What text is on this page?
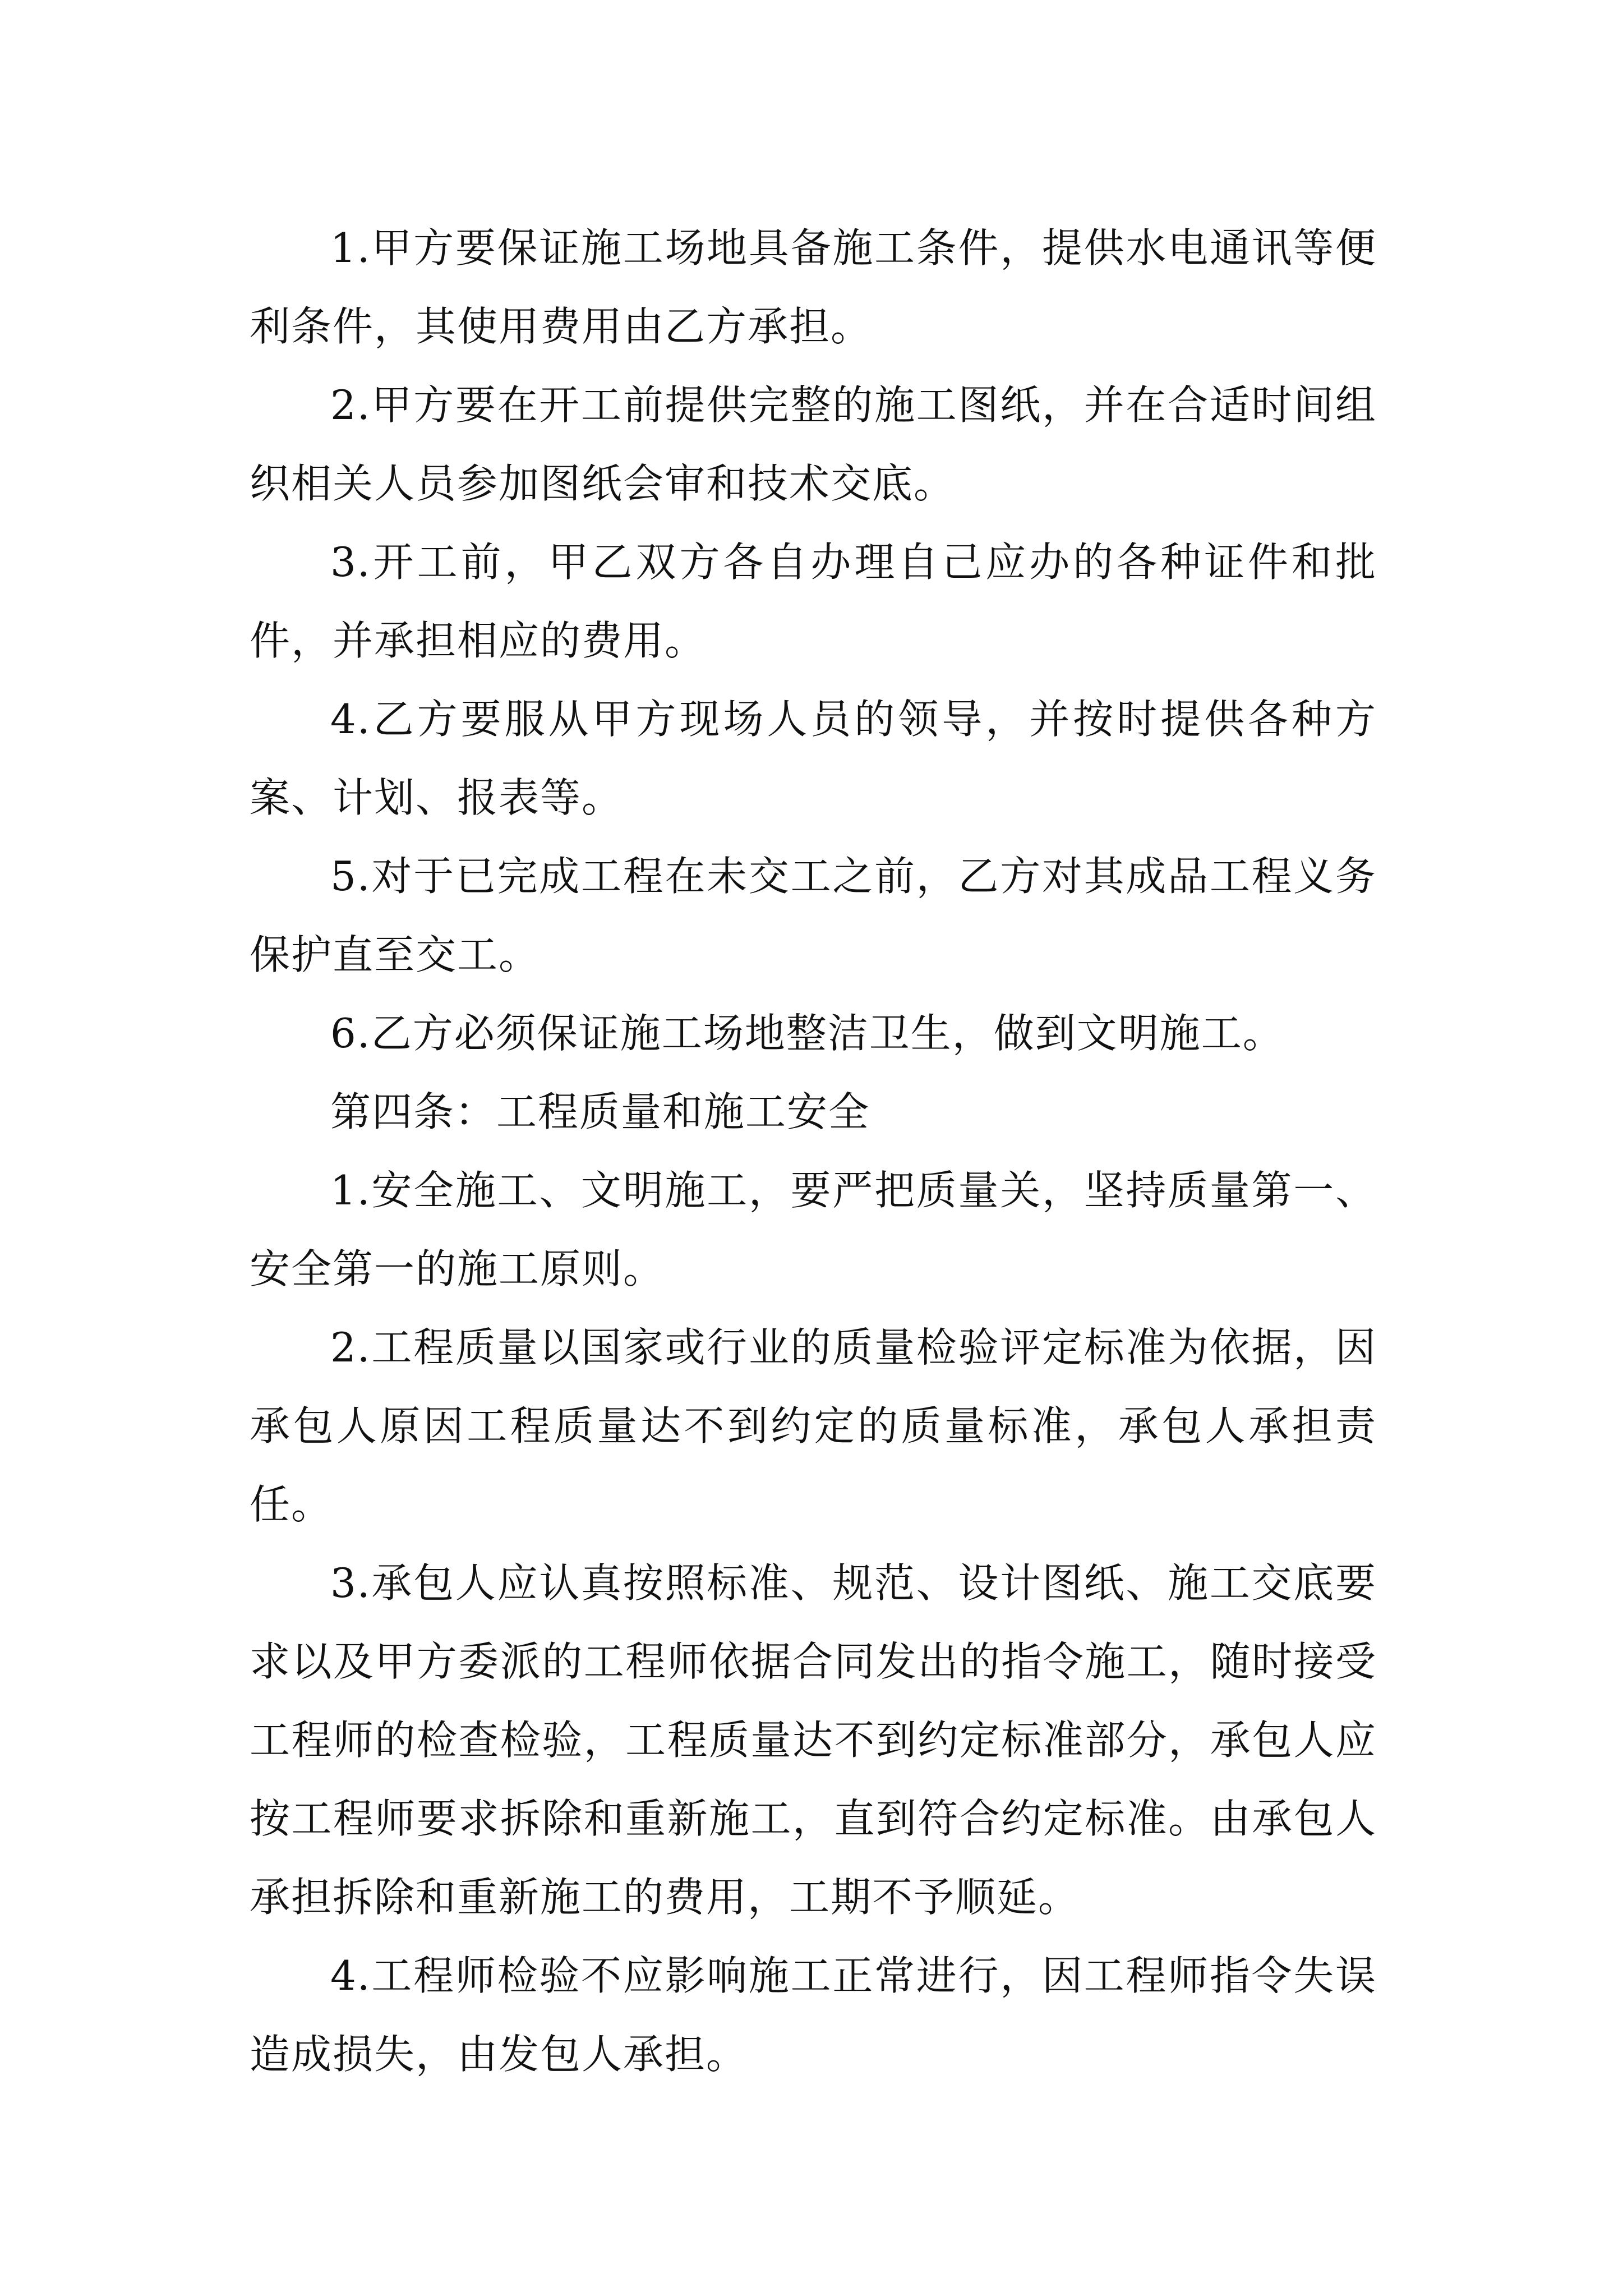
1.甲方要保证施工场地具备施工条件，提供水电通讯等便利条件，其使用费用由乙方承担。

2.甲方要在开工前提供完整的施工图纸，并在合适时间组织相关人员参加图纸会审和技术交底。

3.开工前，甲乙双方各自办理自己应办的各种证件和批件，并承担相应的费用。

4.乙方要服从甲方现场人员的领导，并按时提供各种方案、计划、报表等。

5.对于已完成工程在未交工之前，乙方对其成品工程义务保护直至交工。

6.乙方必须保证施工场地整洁卫生，做到文明施工。

第四条：工程质量和施工安全

1.安全施工、文明施工，要严把质量关，坚持质量第一、安全第一的施工原则。

2.工程质量以国家或行业的质量检验评定标准为依据，因承包人原因工程质量达不到约定的质量标准，承包人承担责任。

3.承包人应认真按照标准、规范、设计图纸、施工交底要求以及甲方委派的工程师依据合同发出的指令施工，随时接受工程师的检查检验，工程质量达不到约定标准部分，承包人应按工程师要求拆除和重新施工，直到符合约定标准。由承包人承担拆除和重新施工的费用，工期不予顺延。

4.工程师检验不应影响施工正常进行，因工程师指令失误造成损失，由发包人承担。
